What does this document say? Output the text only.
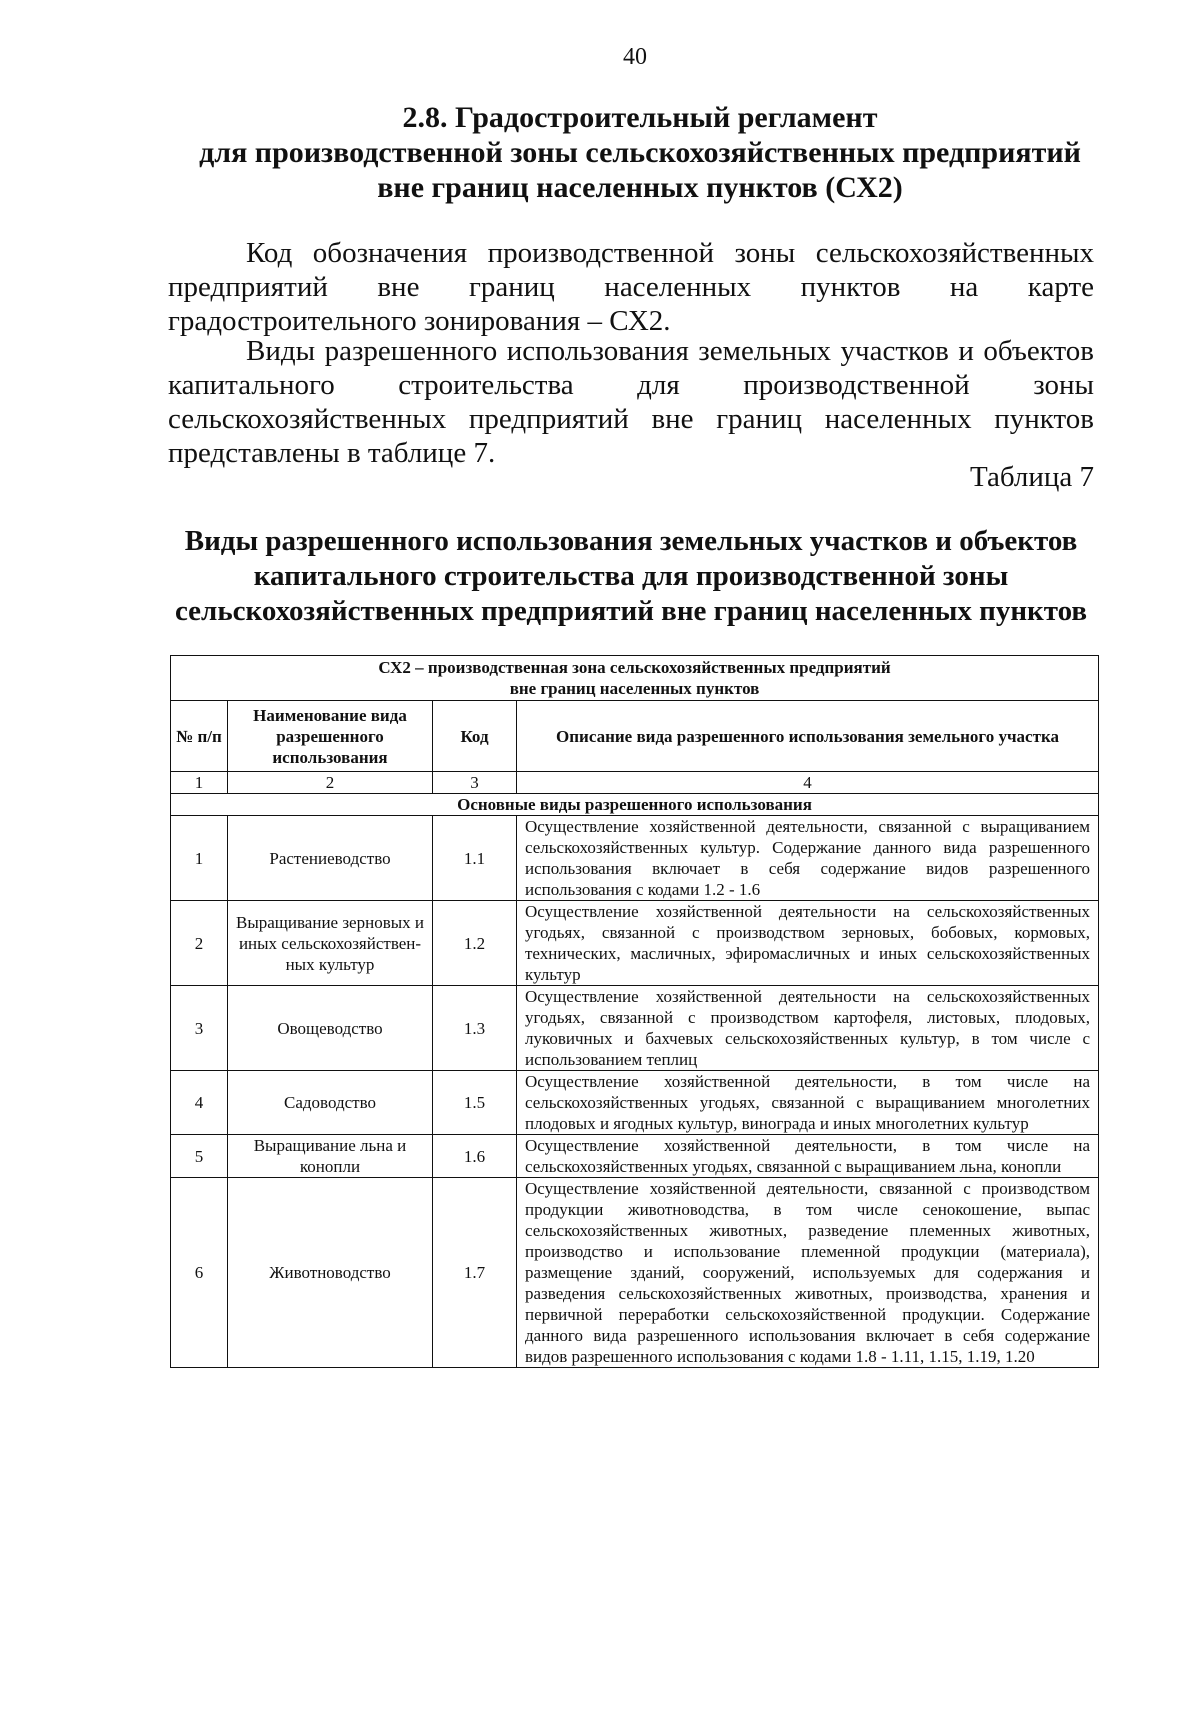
40
2.8. Градостроительный регламент
для производственной зоны сельскохозяйственных предприятий
вне границ населенных пунктов (СХ2)

Код обозначения производственной зоны сельскохозяйственных предприятий вне границ населенных пунктов на карте градостроительного зонирования – СХ2.

Виды разрешенного использования земельных участков и объектов капитального строительства для производственной зоны сельскохозяйственных предприятий вне границ населенных пунктов представлены в таблице 7.

Таблица 7
Виды разрешенного использования земельных участков и объектов
капитального строительства для производственной зоны
сельскохозяйственных предприятий вне границ населенных пунктов
СХ2 – производственная зона сельскохозяйственных предприятий
вне границ населенных пунктов			

№ п/п	Наименование вида разрешенного использования	Код	Описание вида разрешенного использования земельного участка
1	2	3	4
Основные виды разрешенного использования			
1	Растениеводство	1.1	Осуществление хозяйственной деятельности, связанной с выращиванием сельскохозяйственных культур. Содержание данного вида разрешенного использования включает в себя содержание видов разрешенного использования с кодами 1.2 - 1.6
2	Выращивание зерновых и иных сельскохозяйствен-ных культур	1.2	Осуществление хозяйственной деятельности на сельскохозяйственных угодьях, связанной с производством зерновых, бобовых, кормовых, технических, масличных, эфиромасличных и иных сельскохозяйственных культур
3	Овощеводство	1.3	Осуществление хозяйственной деятельности на сельскохозяйственных угодьях, связанной с производством картофеля, листовых, плодовых, луковичных и бахчевых сельскохозяйственных культур, в том числе с использованием теплиц
4	Садоводство	1.5	Осуществление хозяйственной деятельности, в том числе на сельскохозяйственных угодьях, связанной с выращиванием многолетних плодовых и ягодных культур, винограда и иных многолетних культур
5	Выращивание льна и конопли	1.6	Осуществление хозяйственной деятельности, в том числе на сельскохозяйственных угодьях, связанной с выращиванием льна, конопли
6	Животноводство	1.7	Осуществление хозяйственной деятельности, связанной с производством продукции животноводства, в том числе сенокошение, выпас сельскохозяйственных животных, разведение племенных животных, производство и использование племенной продукции (материала), размещение зданий, сооружений, используемых для содержания и разведения сельскохозяйственных животных, производства, хранения и первичной переработки сельскохозяйственной продукции. Содержание данного вида разрешенного использования включает в себя содержание видов разрешенного использования с кодами 1.8 - 1.11, 1.15, 1.19, 1.20
